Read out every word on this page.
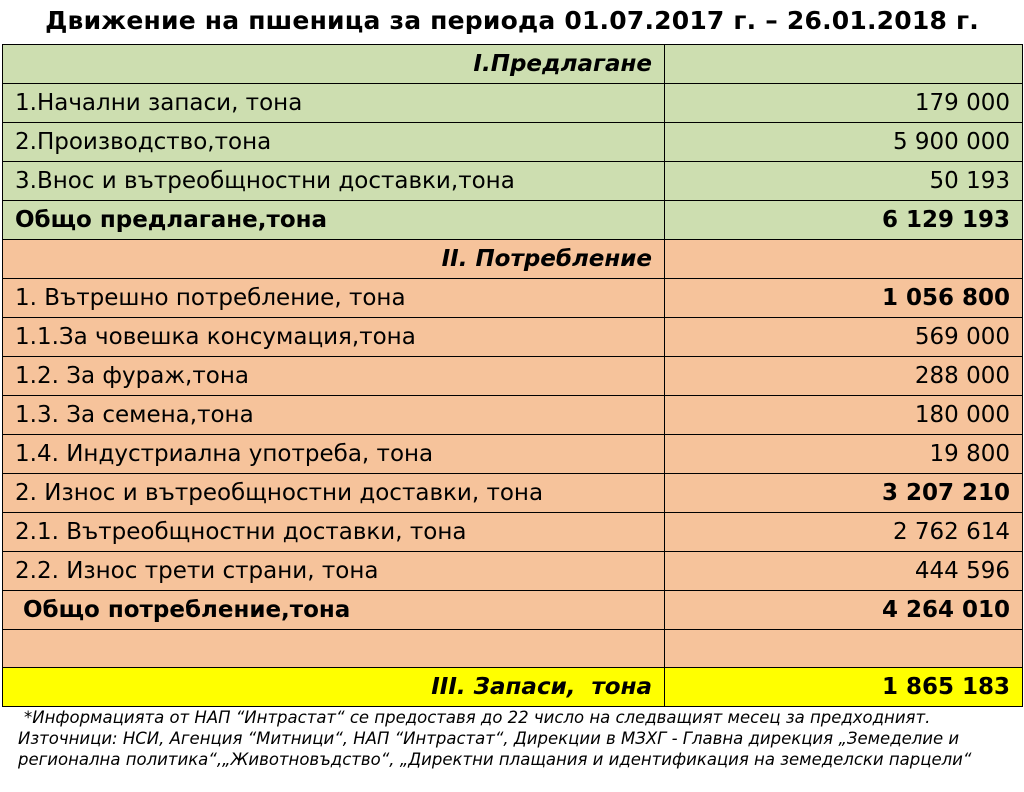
Движение на пшеница за периода 01.07.2017 г. – 26.01.2018 г.
I.Предлагане	
1.Начални запаси, тона	179 000
2.Производство,тона	5 900 000
3.Внос и вътреобщностни доставки,тона	50 193
Общо предлагане,тона	6 129 193
II. Потребление	
1. Вътрешно потребление, тона	1 056 800
1.1.За човешка консумация,тона	569 000
1.2. За фураж,тона	288 000
1.3. За семена,тона	180 000
1.4. Индустриална употреба, тона	19 800
2. Износ и вътреобщностни доставки, тона	3 207 210
2.1. Вътреобщностни доставки, тона	2 762 614
2.2. Износ трети страни, тона	444 596
Общо потребление,тона	4 264 010

III. Запаси,  тона	1 865 183
*Информацията от НАП “Интрастат“ се предоставя до 22 число на следващият месец за предходният.
Източници: НСИ, Агенция “Митници“, НАП “Интрастат“, Дирекции в МЗХГ - Главна дирекция „Земеделие и
регионална политика“,„Животновъдство“, „Директни плащания и идентификация на земеделски парцели“
